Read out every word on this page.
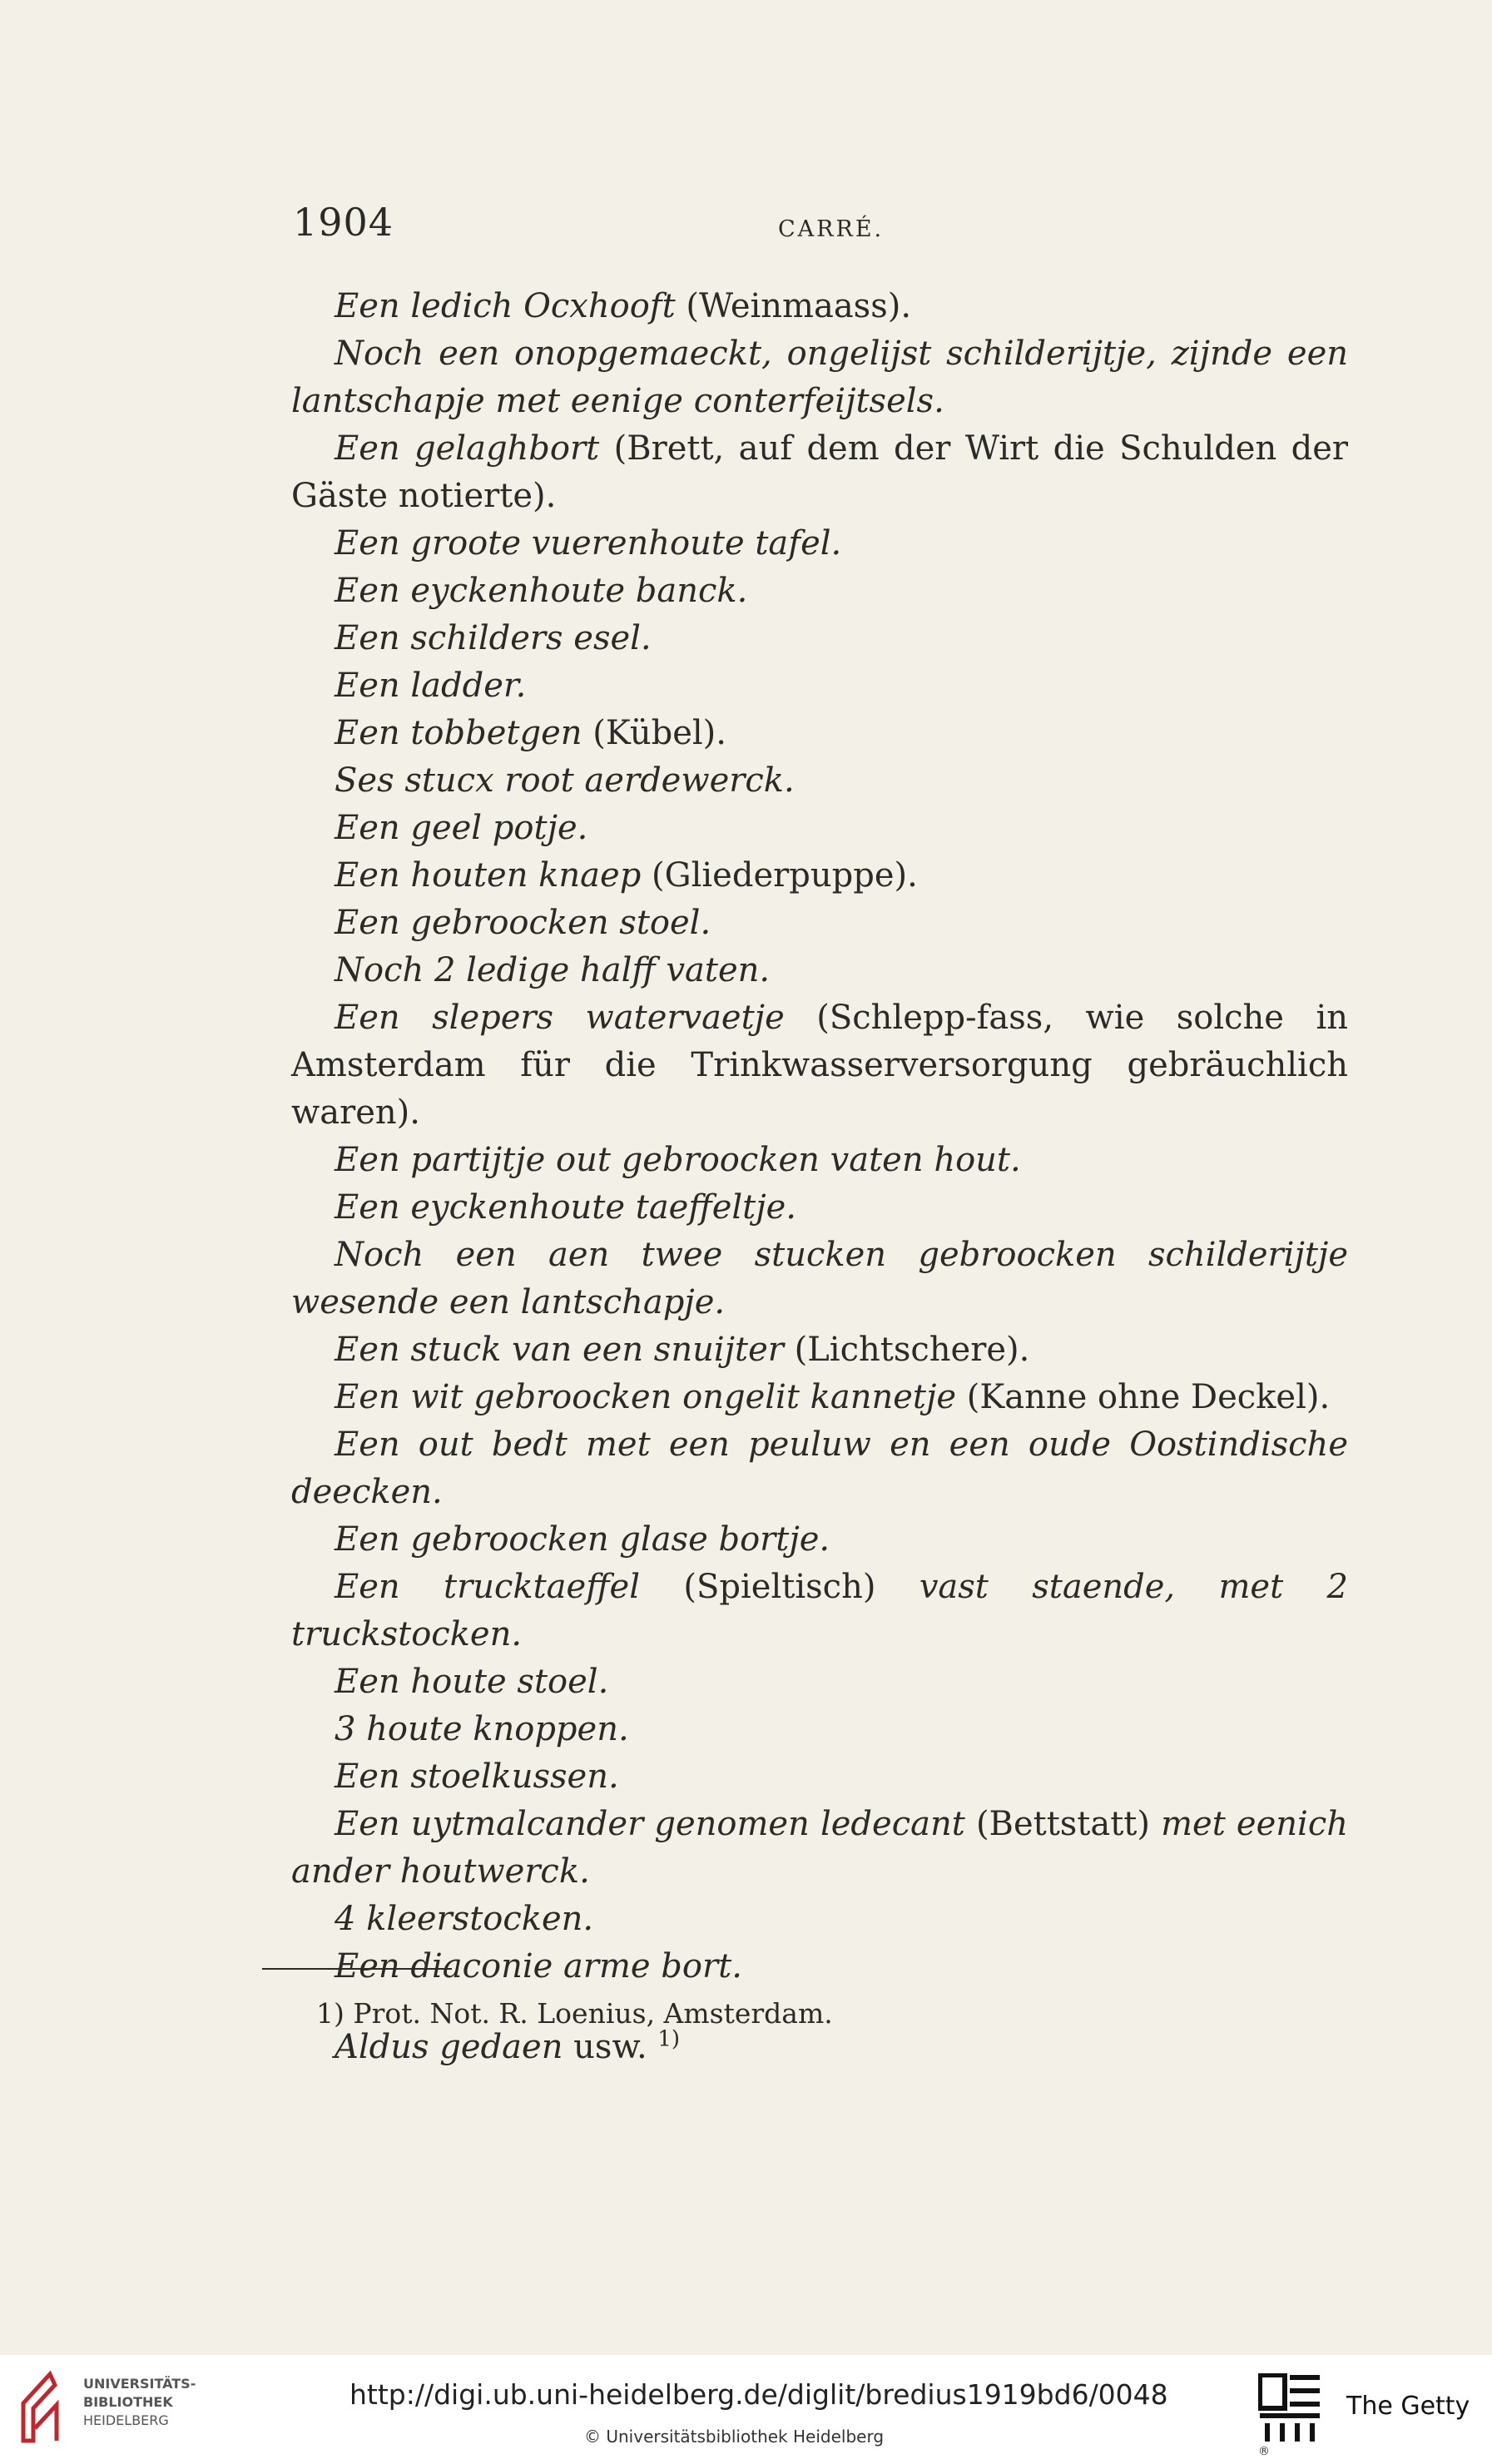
1904	CARRÉ.

Een ledich Ocxhooft (Weinmaass).

Noch een onopgemaeckt, ongelijst schilderijtje, zijnde een lantschapje met eenige conterfeijtsels.

Een gelaghbort (Brett, auf dem der Wirt die Schulden der Gäste notierte).

Een groote vuerenhoute tafel.

Een eyckenhoute banck.

Een schilders esel.

Een ladder.

Een tobbetgen (Kübel).

Ses stucx root aerdewerck.

Een geel potje.

Een houten knaep (Gliederpuppe).

Een gebroocken stoel.

Noch 2 ledige halff vaten.

Een slepers watervaetje (Schlepp-fass, wie solche in Amsterdam für die Trinkwasserversorgung gebräuchlich waren).

Een partijtje out gebroocken vaten hout.

Een eyckenhoute taeffeltje.

Noch een aen twee stucken gebroocken schilderijtje wesende een lantschapje.

Een stuck van een snuijter (Lichtschere).

Een wit gebroocken ongelit kannetje (Kanne ohne Deckel).

Een out bedt met een peuluw en een oude Oostindische deecken.

Een gebroocken glase bortje.

Een trucktaeffel (Spieltisch) vast staende, met 2 truckstocken.

Een houte stoel.

3 houte knoppen.

Een stoelkussen.

Een uytmalcander genomen ledecant (Bettstatt) met eenich ander houtwerck.

4 kleerstocken.

Een diaconie arme bort.

Aldus gedaen usw. $^{1)}$

1) Prot. Not. R. Loenius, Amsterdam.
UNIVERSITÄTS-
BIBLIOTHEK
HEIDELBERG
http://digi.ub.uni-heidelberg.de/diglit/bredius1919bd6/0048
© Universitätsbibliothek Heidelberg
The Getty
®
